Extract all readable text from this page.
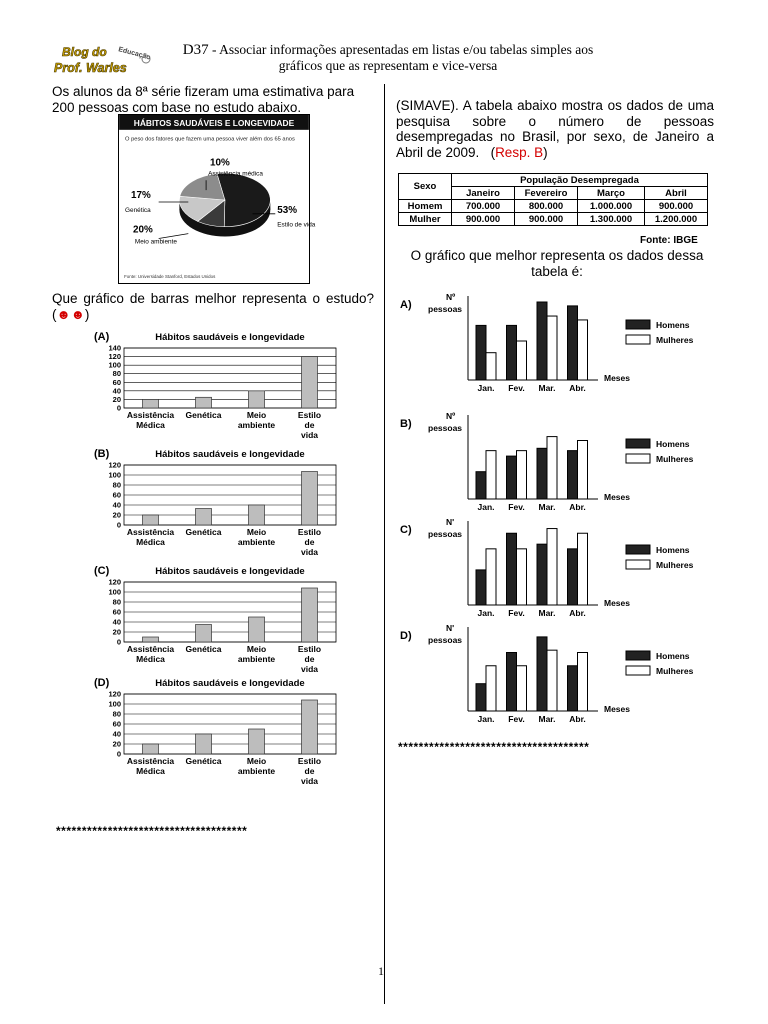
Blog do
Prof. Warles
Educação	D37 - Associar informações apresentadas em listas e/ou tabelas simples aos
gráficos que as representam e vice-versa
Os alunos da 8ª série fizeram uma estimativa para 200 pessoas com base no estudo abaixo.
HÁBITOS SAUDÁVEIS E LONGEVIDADE
O peso dos fatores que fazem uma pessoa viver além dos 65 anos
10%
Assistência médica
17%
Genética
20%
Meio ambiente
53%
Estilo de vida
Fonte: Universidade Stanford, Estados Unidos
Que gráfico de barras melhor representa o estudo? (☻☻)
(A)	Hábitos saudáveis e longevidade
0
20
40
60
80
100
120
140
Assistência
Médica
Genética	Meio
ambiente
Estilo
de
vida
(B)	Hábitos saudáveis e longevidade
0
20
40
60
80
100
120
Assistência
Médica
Genética	Meio
ambiente
Estilo
de
vida
(C)	Hábitos saudáveis e longevidade
0
20
40
60
80
100
120
Assistência
Médica
Genética	Meio
ambiente
Estilo
de
vida
(D)	Hábitos saudáveis e longevidade
0
20
40
60
80
100
120
Assistência
Médica
Genética	Meio
ambiente
Estilo
de
vida
*************************************
(SIMAVE). A tabela abaixo mostra os dados de uma pesquisa sobre o número de pessoas desempregadas no Brasil, por sexo, de Janeiro a Abril de 2009.   (Resp. B)
Sexo	População Desempregada			
	Janeiro	Fevereiro	Março	Abril
Homem	700.000	800.000	1.000.000	900.000
Mulher	900.000	900.000	1.300.000	1.200.000
Fonte: IBGE
O gráfico que melhor representa os dados dessa tabela é:
A)
Nº
pessoas
Jan. Fev. Mar. Abr.
Meses
Homens
Mulheres
B)
Nº
pessoas
Jan. Fev. Mar. Abr.
Meses
Homens
Mulheres
C)
N'
pessoas
Jan. Fev. Mar. Abr.
Meses
Homens
Mulheres
D)
N'
pessoas
Jan. Fev. Mar. Abr.
Meses
Homens
Mulheres
*************************************
1
